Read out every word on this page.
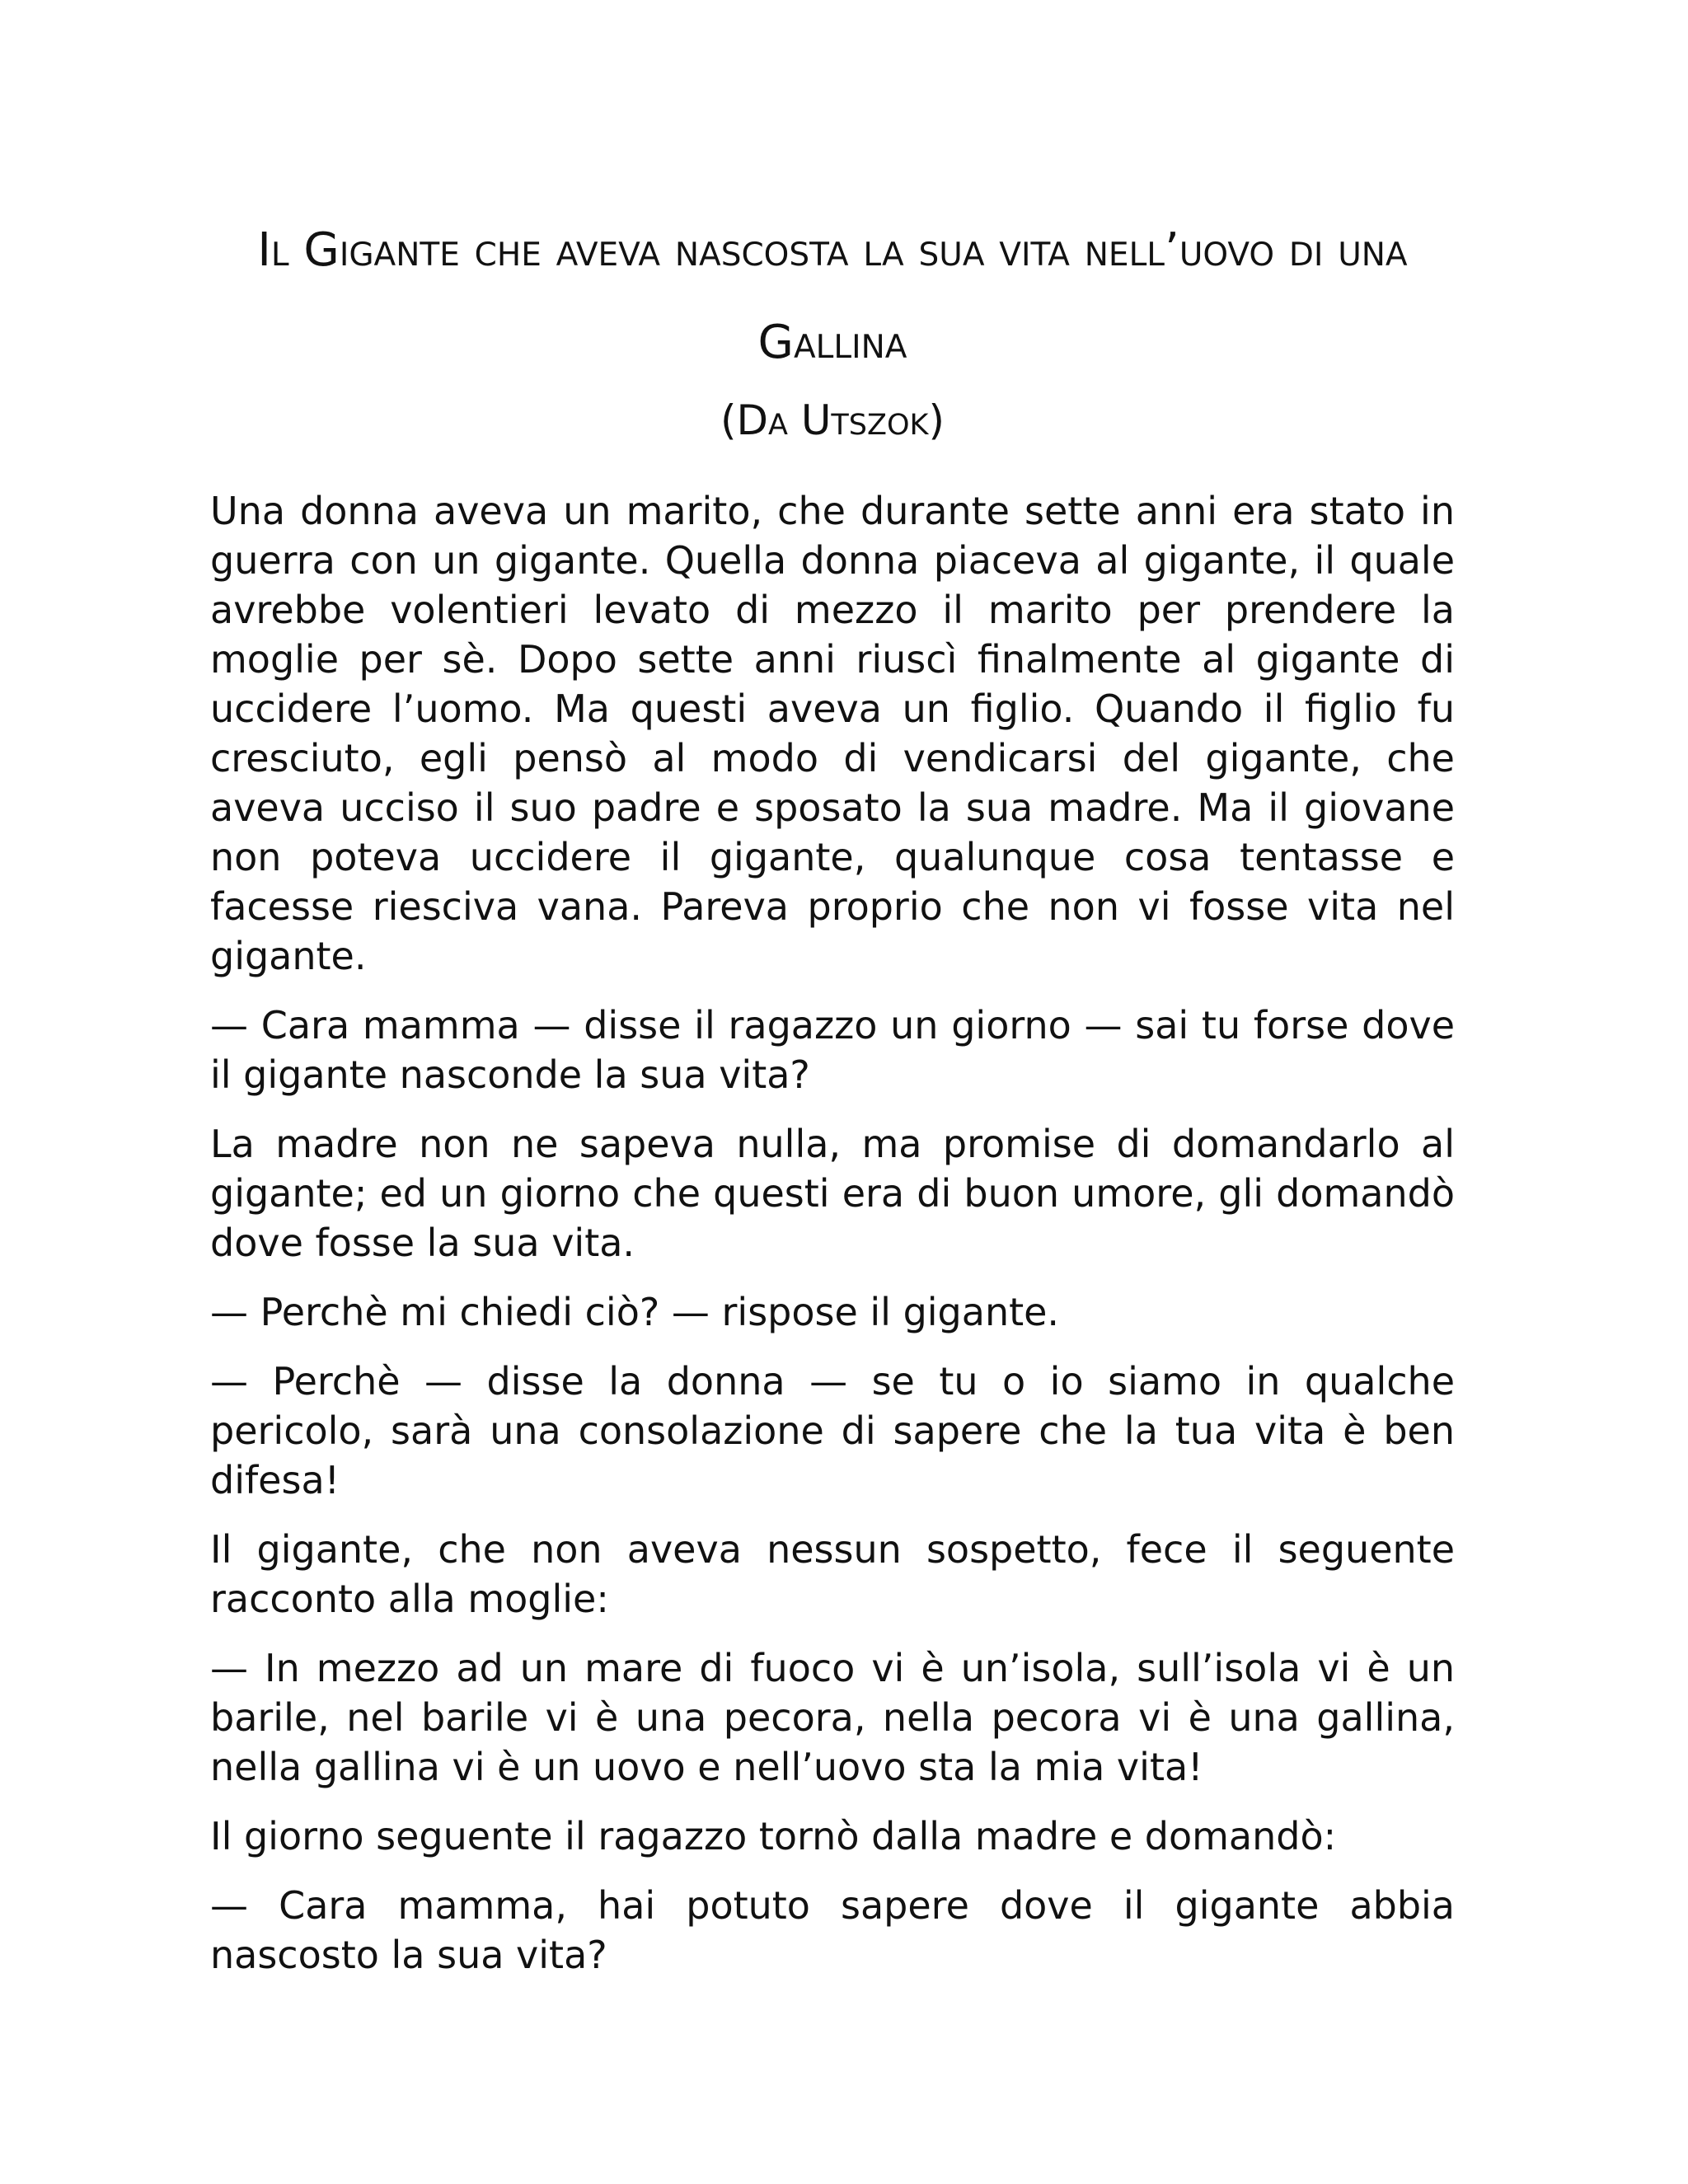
Il Gigante che aveva nascosta la sua vita nell’uovo di una Gallina
(Da Utszok)

Una donna aveva un marito, che durante sette anni era stato in guerra con un gigante. Quella donna piaceva al gigante, il quale avrebbe volentieri levato di mezzo il marito per prendere la moglie per sè. Dopo sette anni riuscì finalmente al gigante di uccidere l’uomo. Ma questi aveva un figlio. Quando il figlio fu cresciuto, egli pensò al modo di vendicarsi del gigante, che aveva ucciso il suo padre e sposato la sua madre. Ma il giovane non poteva uccidere il gigante, qualunque cosa tentasse e facesse riesciva vana. Pareva proprio che non vi fosse vita nel gigante.

— Cara mamma — disse il ragazzo un giorno — sai tu forse dove il gigante nasconde la sua vita?

La madre non ne sapeva nulla, ma promise di domandarlo al gigante; ed un giorno che questi era di buon umore, gli domandò dove fosse la sua vita.

— Perchè mi chiedi ciò? — rispose il gigante.

— Perchè — disse la donna — se tu o io siamo in qualche pericolo, sarà una consolazione di sapere che la tua vita è ben difesa!

Il gigante, che non aveva nessun sospetto, fece il seguente racconto alla moglie:

— In mezzo ad un mare di fuoco vi è un’isola, sull’isola vi è un barile, nel barile vi è una pecora, nella pecora vi è una gallina, nella gallina vi è un uovo e nell’uovo sta la mia vita!

Il giorno seguente il ragazzo tornò dalla madre e domandò:

— Cara mamma, hai potuto sapere dove il gigante abbia nascosto la sua vita?
